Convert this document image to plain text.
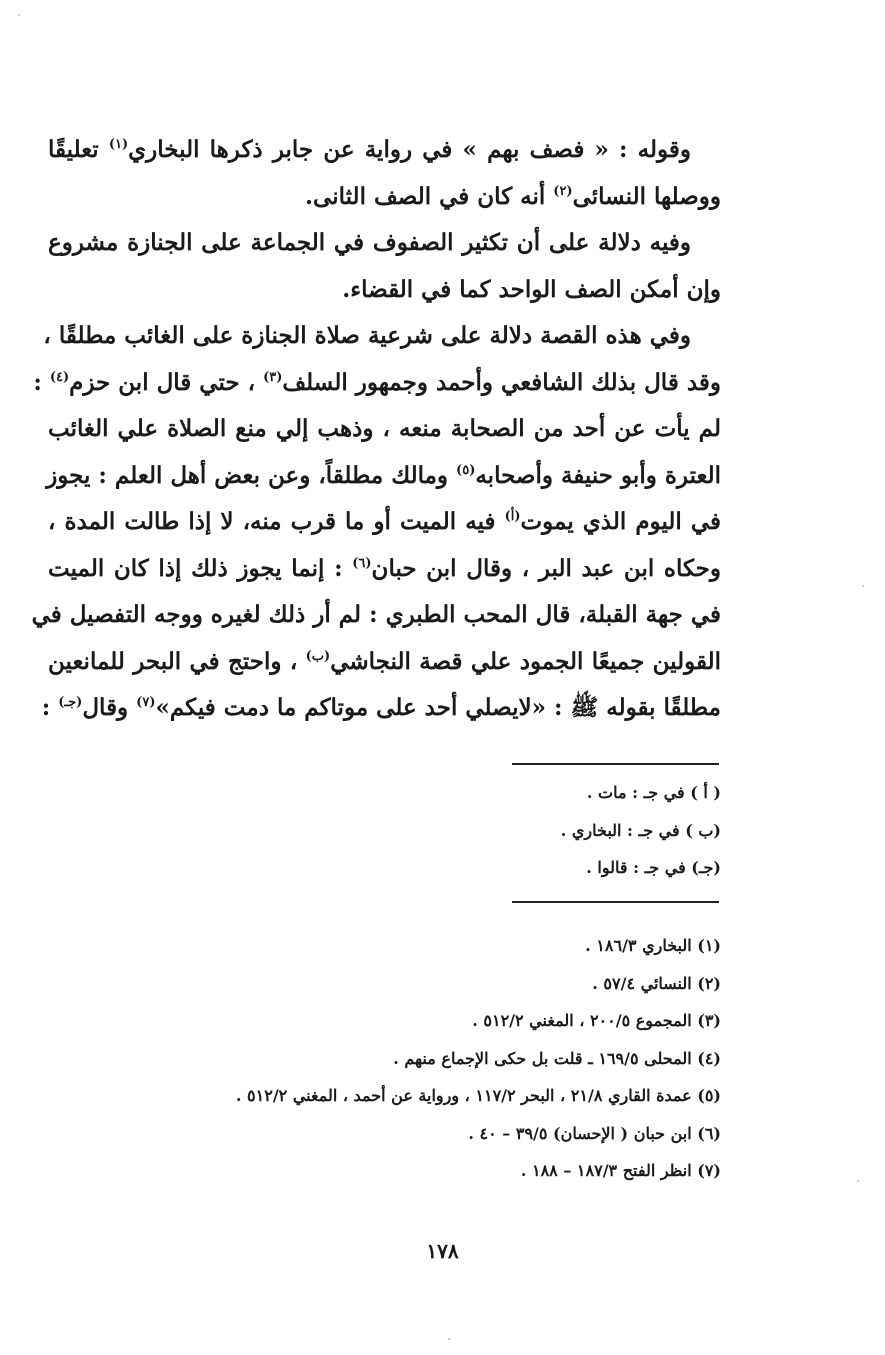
وقوله : « فصف بهم » في رواية عن جابر ذكرها البخاري$^{(١)}$ تعليقًا
ووصلها النسائى$^{(٢)}$ أنه كان في الصف الثانى.
وفيه دلالة على أن تكثير الصفوف في الجماعة على الجنازة مشروع
وإن أمكن الصف الواحد كما في القضاء.
وفي هذه القصة دلالة على شرعية صلاة الجنازة على الغائب مطلقًا ،
وقد قال بذلك الشافعي وأحمد وجمهور السلف$^{(٣)}$ ، حتي قال ابن حزم$^{(٤)}$ :
لم يأت عن أحد من الصحابة منعه ، وذهب إلي منع الصلاة علي الغائب
العترة وأبو حنيفة وأصحابه$^{(٥)}$ ومالك مطلقاً، وعن بعض أهل العلم : يجوز
في اليوم الذي يموت$^{(أ)}$ فيه الميت أو ما قرب منه، لا إذا طالت المدة ،
وحكاه ابن عبد البر ، وقال ابن حبان$^{(٦)}$ : إنما يجوز ذلك إذا كان الميت
في جهة القبلة، قال المحب الطبري : لم أر ذلك لغيره ووجه التفصيل في
القولين جميعًا الجمود علي قصة النجاشي$^{(ب)}$ ، واحتج في البحر للمانعين
مطلقًا بقوله ﷺ : «لايصلي أحد على موتاكم ما دمت فيكم»$^{(٧)}$ وقال$^{(جـ)}$ :
( أ ) في جـ : مات .
(ب ) في جـ : البخاري .
(جـ) في جـ : قالوا .
(١) البخاري ١٨٦/٣ .
(٢) النسائي ٥٧/٤ .
(٣) المجموع ٢٠٠/٥ ، المغني ٥١٢/٢ .
(٤) المحلى ١٦٩/٥ ـ قلت بل حكى الإجماع منهم .
(٥) عمدة القاري ٢١/٨ ، البحر ١١٧/٢ ، ورواية عن أحمد ، المغني ٥١٢/٢ .
(٦) ابن حبان ( الإحسان) ٣٩/٥ – ٤٠ .
(٧) انظر الفتح ١٨٧/٣ – ١٨٨ .
١٧٨
